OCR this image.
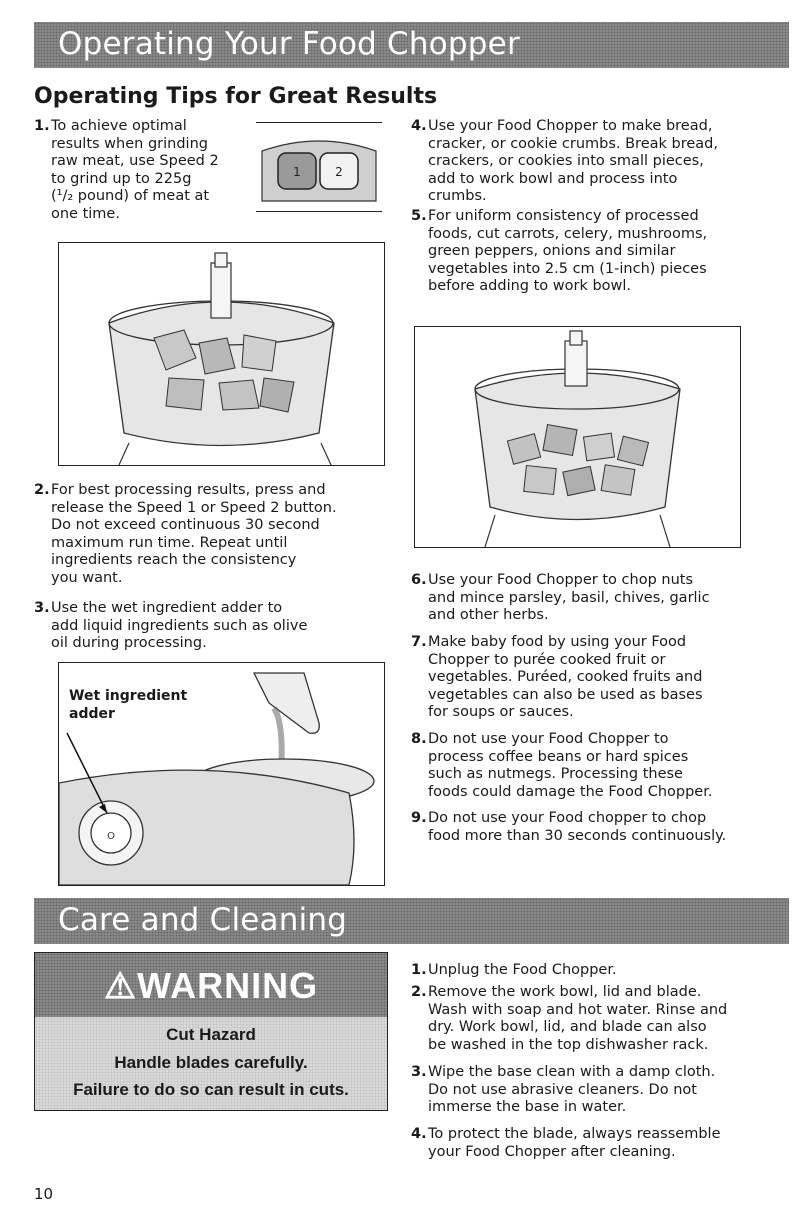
Operating Your Food Chopper
Operating Tips for Great Results
1. To achieve optimal
results when grinding
raw meat, use Speed 2
to grind up to 225g
(¹/₂ pound) of meat at
one time.
1	2
2. For best processing results, press and
release the Speed 1 or Speed 2 button.
Do not exceed continuous 30 second
maximum run time. Repeat until
ingredients reach the consistency
you want.
3. Use the wet ingredient adder to
add liquid ingredients such as olive
oil during processing.
O
Wet ingredient
adder
4. Use your Food Chopper to make bread,
cracker, or cookie crumbs. Break bread,
crackers, or cookies into small pieces,
add to work bowl and process into
crumbs.
5. For uniform consistency of processed
foods, cut carrots, celery, mushrooms,
green peppers, onions and similar
vegetables into 2.5 cm (1-inch) pieces
before adding to work bowl.
6. Use your Food Chopper to chop nuts
and mince parsley, basil, chives, garlic
and other herbs.
7. Make baby food by using your Food
Chopper to purée cooked fruit or
vegetables. Puréed, cooked fruits and
vegetables can also be used as bases
for soups or sauces.
8. Do not use your Food Chopper to
process coffee beans or hard spices
such as nutmegs. Processing these
foods could damage the Food Chopper.
9. Do not use your Food chopper to chop
food more than 30 seconds continuously.
Care and Cleaning
⚠WARNING
Cut Hazard
Handle blades carefully.
Failure to do so can result in cuts.
1. Unplug the Food Chopper.
2. Remove the work bowl, lid and blade.
Wash with soap and hot water. Rinse and
dry. Work bowl, lid, and blade can also
be washed in the top dishwasher rack.
3. Wipe the base clean with a damp cloth.
Do not use abrasive cleaners. Do not
immerse the base in water.
4. To protect the blade, always reassemble
your Food Chopper after cleaning.
10
